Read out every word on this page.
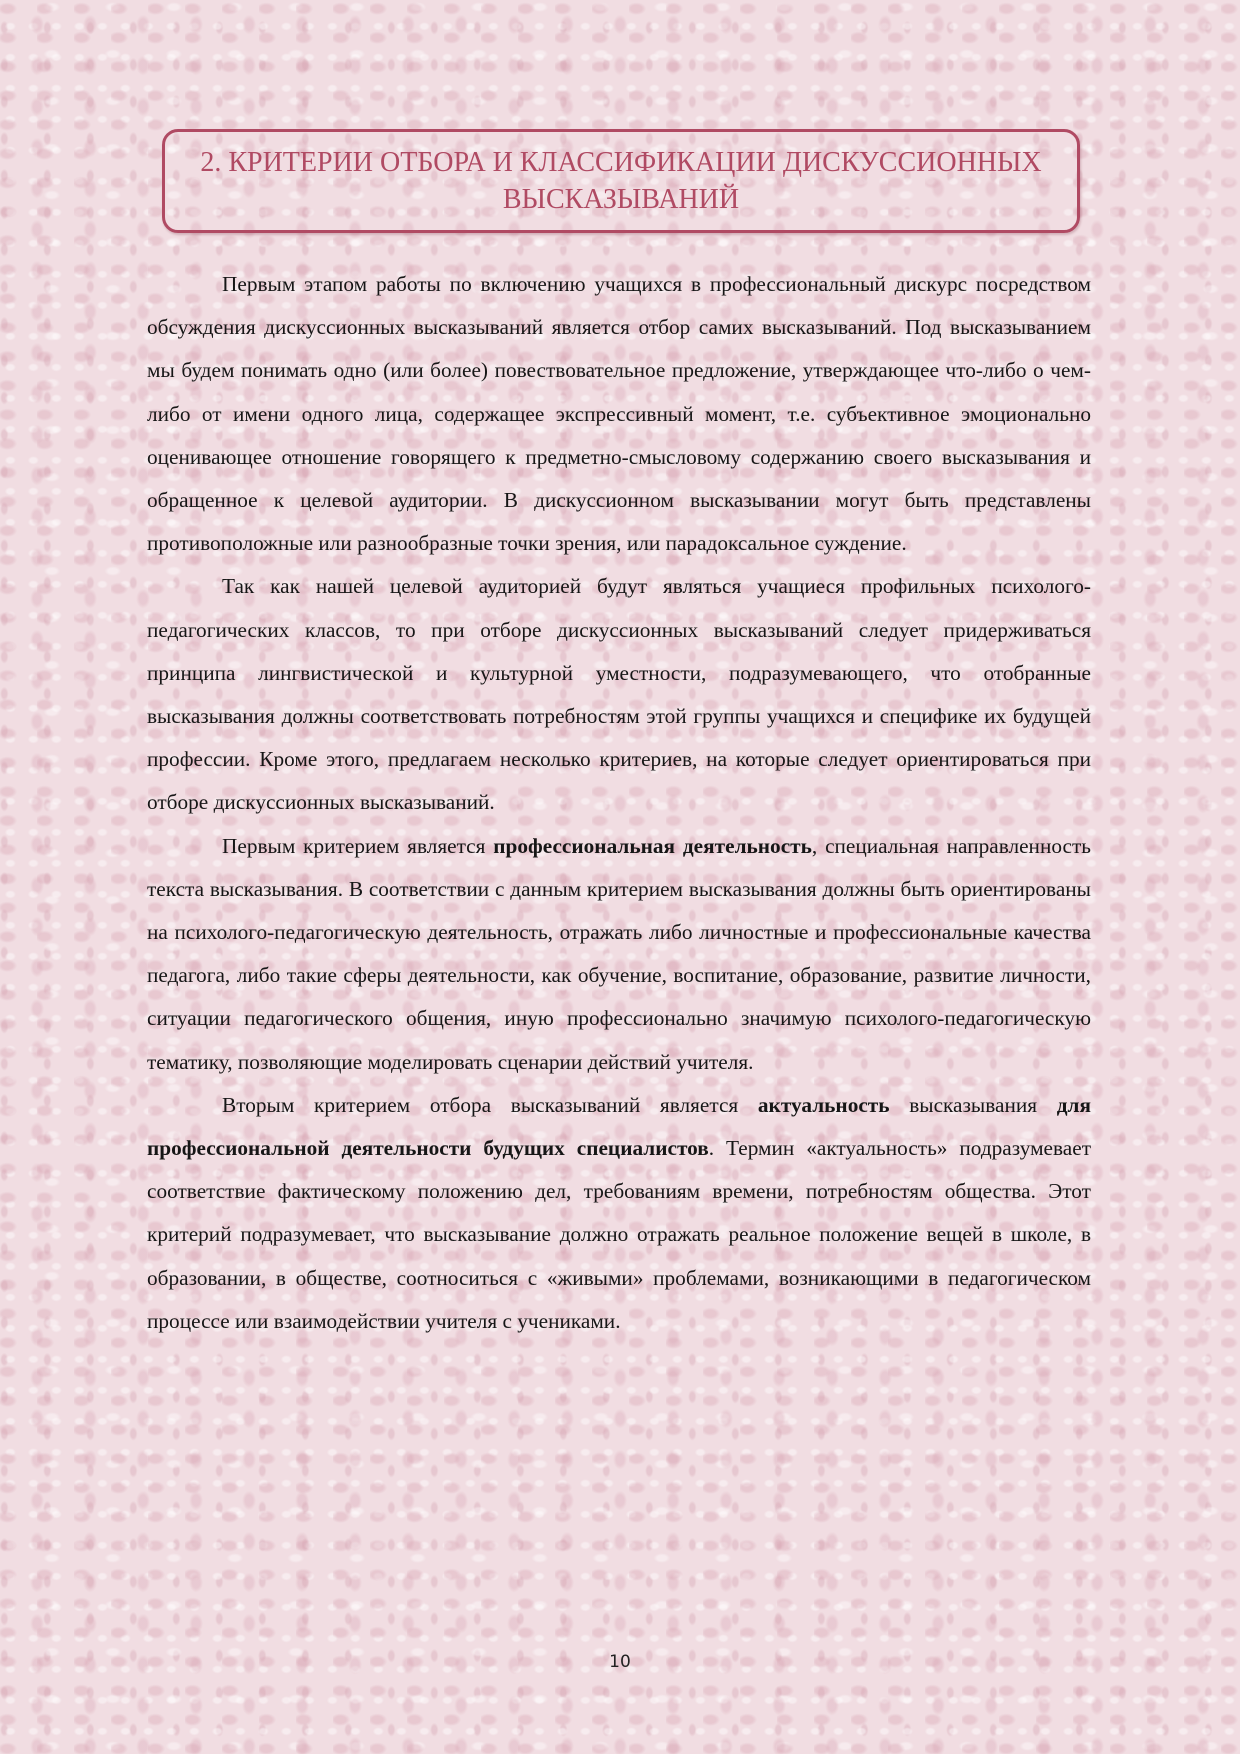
2. КРИТЕРИИ ОТБОРА И КЛАССИФИКАЦИИ ДИСКУССИОННЫХ
ВЫСКАЗЫВАНИЙ

Первым этапом работы по включению учащихся в профессиональный дискурс посредством обсуждения дискуссионных высказываний является отбор самих высказываний. Под высказыванием мы будем понимать одно (или более) повествовательное предложение, утверждающее что-либо о чем-либо от имени одного лица, содержащее экспрессивный момент, т.е. субъективное эмоционально оценивающее отношение говорящего к предметно-смысловому содержанию своего высказывания и обращенное к целевой аудитории. В дискуссионном высказывании могут быть представлены противоположные или разнообразные точки зрения, или парадоксальное суждение.

Так как нашей целевой аудиторией будут являться учащиеся профильных психолого-педагогических классов, то при отборе дискуссионных высказываний следует придерживаться принципа лингвистической и культурной уместности, подразумевающего, что отобранные высказывания должны соответствовать потребностям этой группы учащихся и специфике их будущей профессии. Кроме этого, предлагаем несколько критериев, на которые следует ориентироваться при отборе дискуссионных высказываний.

Первым критерием является профессиональная деятельность, специальная направленность текста высказывания. В соответствии с данным критерием высказывания должны быть ориентированы на психолого-педагогическую деятельность, отражать либо личностные и профессиональные качества педагога, либо такие сферы деятельности, как обучение, воспитание, образование, развитие личности, ситуации педагогического общения, иную профессионально значимую психолого-педагогическую тематику, позволяющие моделировать сценарии действий учителя.

Вторым критерием отбора высказываний является актуальность высказывания для профессиональной деятельности будущих специалистов. Термин «актуальность» подразумевает соответствие фактическому положению дел, требованиям времени, потребностям общества. Этот критерий подразумевает, что высказывание должно отражать реальное положение вещей в школе, в образовании, в обществе, соотноситься с «живыми» проблемами, возникающими в педагогическом процессе или взаимодействии учителя с учениками.

10
